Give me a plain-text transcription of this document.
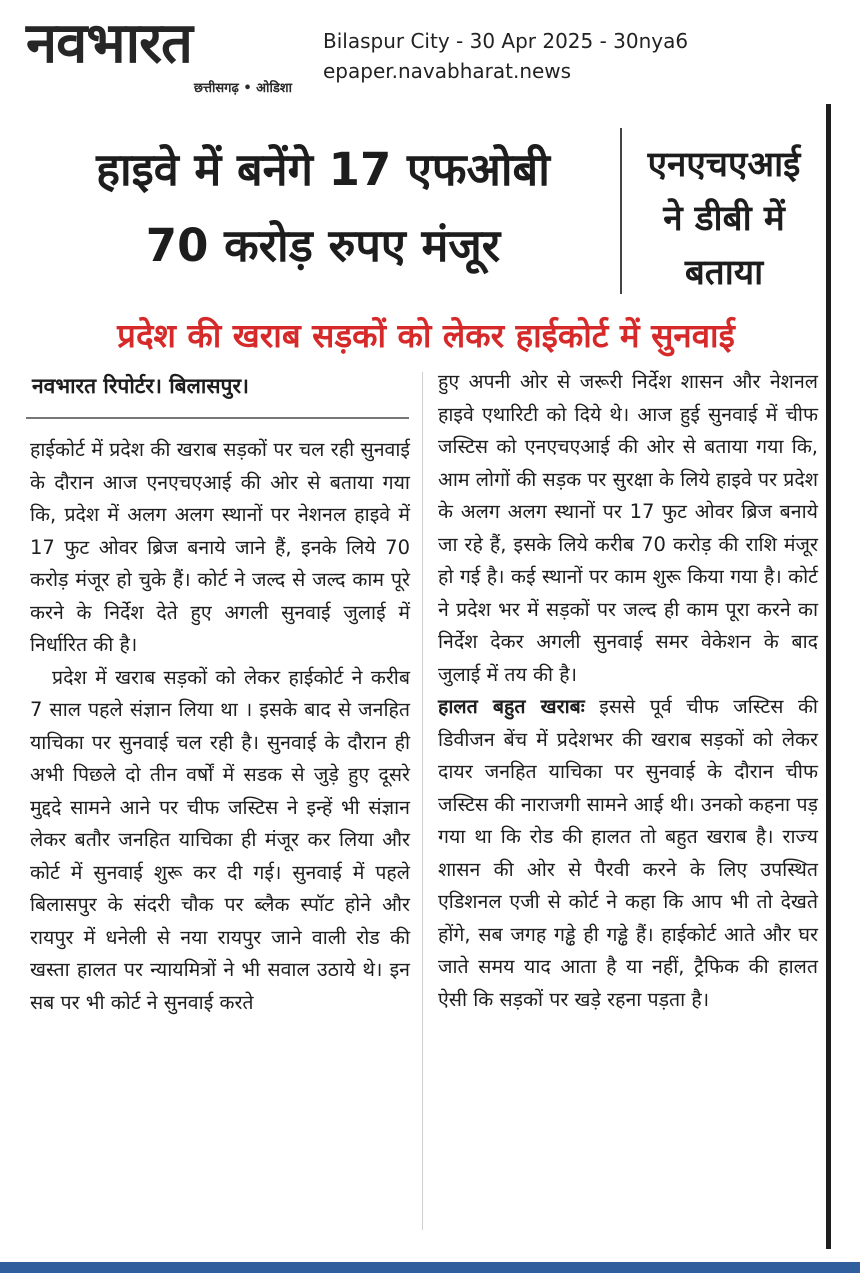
नवभारत
छत्तीसगढ़ • ओडिशा
Bilaspur City - 30 Apr 2025 - 30nya6
epaper.navabharat.news
हाइवे में बनेंगे 17 एफओबी
70 करोड़ रुपए मंजूर
एनएचएआई
ने डीबी में
बताया
प्रदेश की खराब सड़कों को लेकर हाईकोर्ट में सुनवाई
नवभारत रिपोर्टर। बिलासपुर।

हाईकोर्ट में प्रदेश की खराब सड़कों पर चल रही सुनवाई के दौरान आज एनएचएआई की ओर से बताया गया कि, प्रदेश में अलग अलग स्थानों पर नेशनल हाइवे में 17 फुट ओवर ब्रिज बनाये जाने हैं, इनके लिये 70 करोड़ मंजूर हो चुके हैं। कोर्ट ने जल्द से जल्द काम पूरे करने के निर्देश देते हुए अगली सुनवाई जुलाई में निर्धारित की है।

प्रदेश में खराब सड़कों को लेकर हाईकोर्ट ने करीब 7 साल पहले संज्ञान लिया था । इसके बाद से जनहित याचिका पर सुनवाई चल रही है। सुनवाई के दौरान ही अभी पिछले दो तीन वर्षों में सडक से जुड़े हुए दूसरे मुद्ददे सामने आने पर चीफ जस्टिस ने इन्हें भी संज्ञान लेकर बतौर जनहित याचिका ही मंजूर कर लिया और कोर्ट में सुनवाई शुरू कर दी गई। सुनवाई में पहले बिलासपुर के संदरी चौक पर ब्लैक स्पॉट होने और रायपुर में धनेली से नया रायपुर जाने वाली रोड की खस्ता हालत पर न्यायमित्रों ने भी सवाल उठाये थे। इन सब पर भी कोर्ट ने सुनवाई करते

हुए अपनी ओर से जरूरी निर्देश शासन और नेशनल हाइवे एथारिटी को दिये थे। आज हुई सुनवाई में चीफ जस्टिस को एनएचएआई की ओर से बताया गया कि, आम लोगों की सड़क पर सुरक्षा के लिये हाइवे पर प्रदेश के अलग अलग स्थानों पर 17 फुट ओवर ब्रिज बनाये जा रहे हैं, इसके लिये करीब 70 करोड़ की राशि मंजूर हो गई है। कई स्थानों पर काम शुरू किया गया है। कोर्ट ने प्रदेश भर में सड़कों पर जल्द ही काम पूरा करने का निर्देश देकर अगली सुनवाई समर वेकेशन के बाद जुलाई में तय की है।

हालत बहुत खराबः इससे पूर्व चीफ जस्टिस की डिवीजन बेंच में प्रदेशभर की खराब सड़कों को लेकर दायर जनहित याचिका पर सुनवाई के दौरान चीफ जस्टिस की नाराजगी सामने आई थी। उनको कहना पड़ गया था कि रोड की हालत तो बहुत खराब है। राज्य शासन की ओर से पैरवी करने के लिए उपस्थित एडिशनल एजी से कोर्ट ने कहा कि आप भी तो देखते होंगे, सब जगह गड्ढे ही गड्ढे हैं। हाईकोर्ट आते और घर जाते समय याद आता है या नहीं, ट्रैफिक की हालत ऐसी कि सड़कों पर खड़े रहना पड़ता है।
